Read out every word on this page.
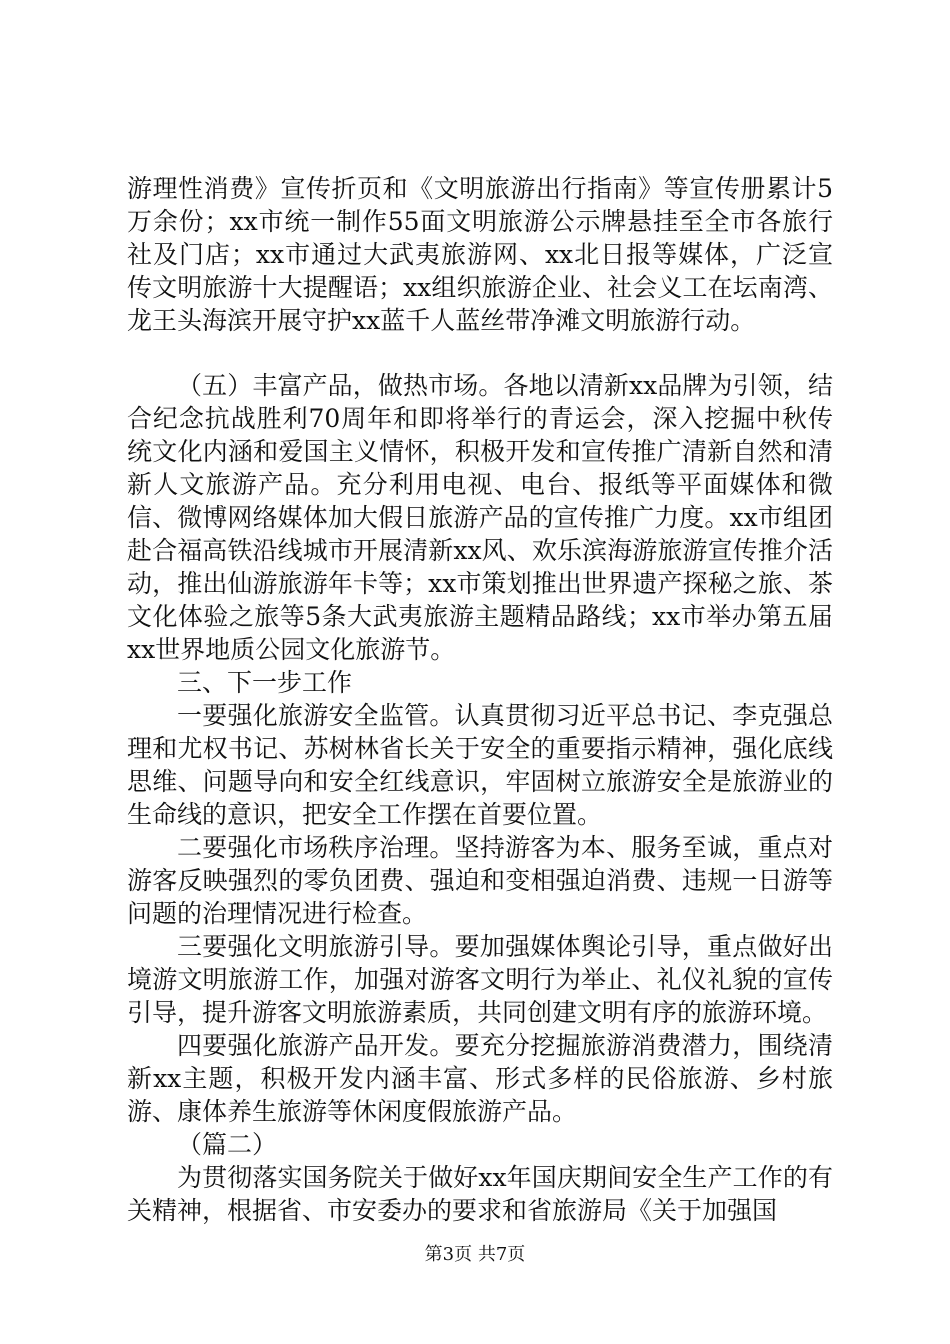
游理性消费》宣传折页和《文明旅游出行指南》等宣传册累计5万余份；xx市统一制作55面文明旅游公示牌悬挂至全市各旅行社及门店；xx市通过大武夷旅游网、xx北日报等媒体，广泛宣传文明旅游十大提醒语；xx组织旅游企业、社会义工在坛南湾、龙王头海滨开展守护xx蓝千人蓝丝带净滩文明旅游行动。

（五）丰富产品，做热市场。各地以清新xx品牌为引领，结合纪念抗战胜利70周年和即将举行的青运会，深入挖掘中秋传统文化内涵和爱国主义情怀，积极开发和宣传推广清新自然和清新人文旅游产品。充分利用电视、电台、报纸等平面媒体和微信、微博网络媒体加大假日旅游产品的宣传推广力度。xx市组团赴合福高铁沿线城市开展清新xx风、欢乐滨海游旅游宣传推介活动，推出仙游旅游年卡等；xx市策划推出世界遗产探秘之旅、茶文化体验之旅等5条大武夷旅游主题精品路线；xx市举办第五届xx世界地质公园文化旅游节。

三、下一步工作

一要强化旅游安全监管。认真贯彻习近平总书记、李克强总理和尤权书记、苏树林省长关于安全的重要指示精神，强化底线思维、问题导向和安全红线意识，牢固树立旅游安全是旅游业的生命线的意识，把安全工作摆在首要位置。

二要强化市场秩序治理。坚持游客为本、服务至诚，重点对游客反映强烈的零负团费、强迫和变相强迫消费、违规一日游等问题的治理情况进行检查。

三要强化文明旅游引导。要加强媒体舆论引导，重点做好出境游文明旅游工作，加强对游客文明行为举止、礼仪礼貌的宣传引导，提升游客文明旅游素质，共同创建文明有序的旅游环境。

四要强化旅游产品开发。要充分挖掘旅游消费潜力，围绕清新xx主题，积极开发内涵丰富、形式多样的民俗旅游、乡村旅游、康体养生旅游等休闲度假旅游产品。

（篇二）

为贯彻落实国务院关于做好xx年国庆期间安全生产工作的有关精神，根据省、市安委办的要求和省旅游局《关于加强国

第3页 共7页
